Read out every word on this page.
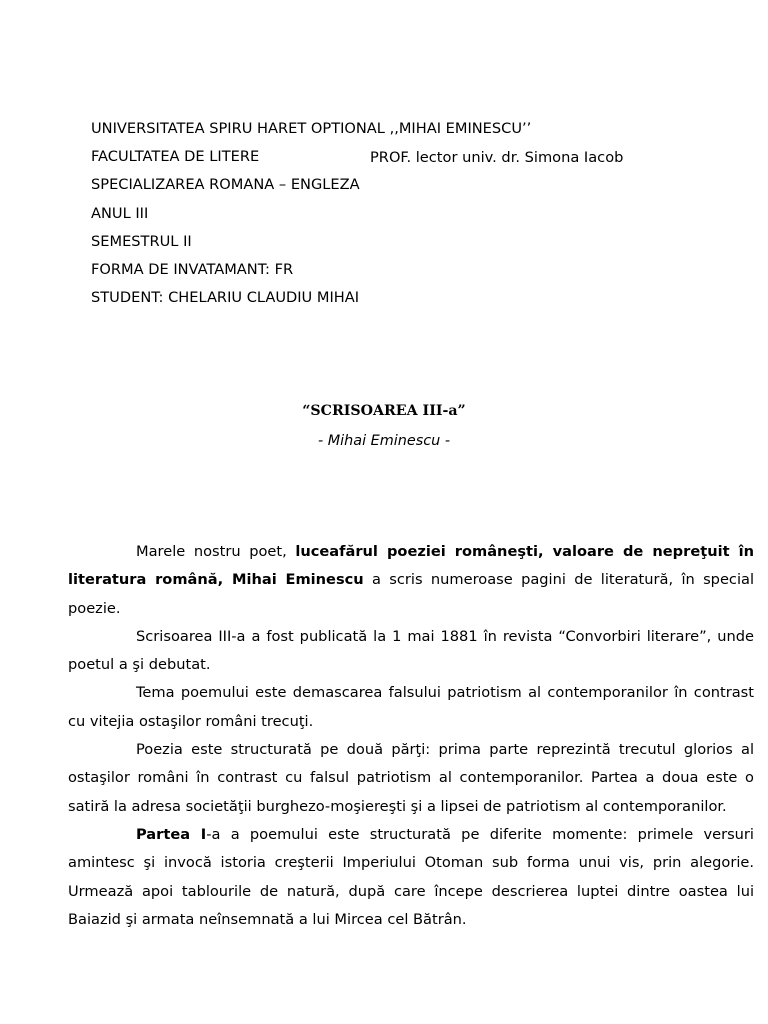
UNIVERSITATEA SPIRU HARET OPTIONAL ,,MIHAI EMINESCU’’
FACULTATEA DE LITERE
SPECIALIZAREA ROMANA – ENGLEZA
ANUL III
SEMESTRUL II
FORMA DE INVATAMANT: FR
STUDENT: CHELARIU CLAUDIU MIHAI
PROF. lector univ. dr. Simona Iacob
“SCRISOAREA III-a”
- Mihai Eminescu -

Marele nostru poet, luceafărul poeziei româneşti, valoare de nepreţuit în literatura română, Mihai Eminescu a scris numeroase pagini de literatură, în special poezie.

Scrisoarea III-a a fost publicată la 1 mai 1881 în revista “Convorbiri literare”, unde poetul a şi debutat.

Tema poemului este demascarea falsului patriotism al contemporanilor în contrast cu vitejia ostaşilor români trecuţi.

Poezia este structurată pe două părţi: prima parte reprezintă trecutul glorios al ostaşilor români în contrast cu falsul patriotism al contemporanilor. Partea a doua este o satiră la adresa societăţii burghezo-moşiereşti şi a lipsei de patriotism al contemporanilor.

Partea I-a a poemului este structurată pe diferite momente: primele versuri amintesc şi invocă istoria creşterii Imperiului Otoman sub forma unui vis, prin alegorie. Urmează apoi tablourile de natură, după care începe descrierea luptei dintre oastea lui Baiazid şi armata neînsemnată a lui Mircea cel Bătrân.
